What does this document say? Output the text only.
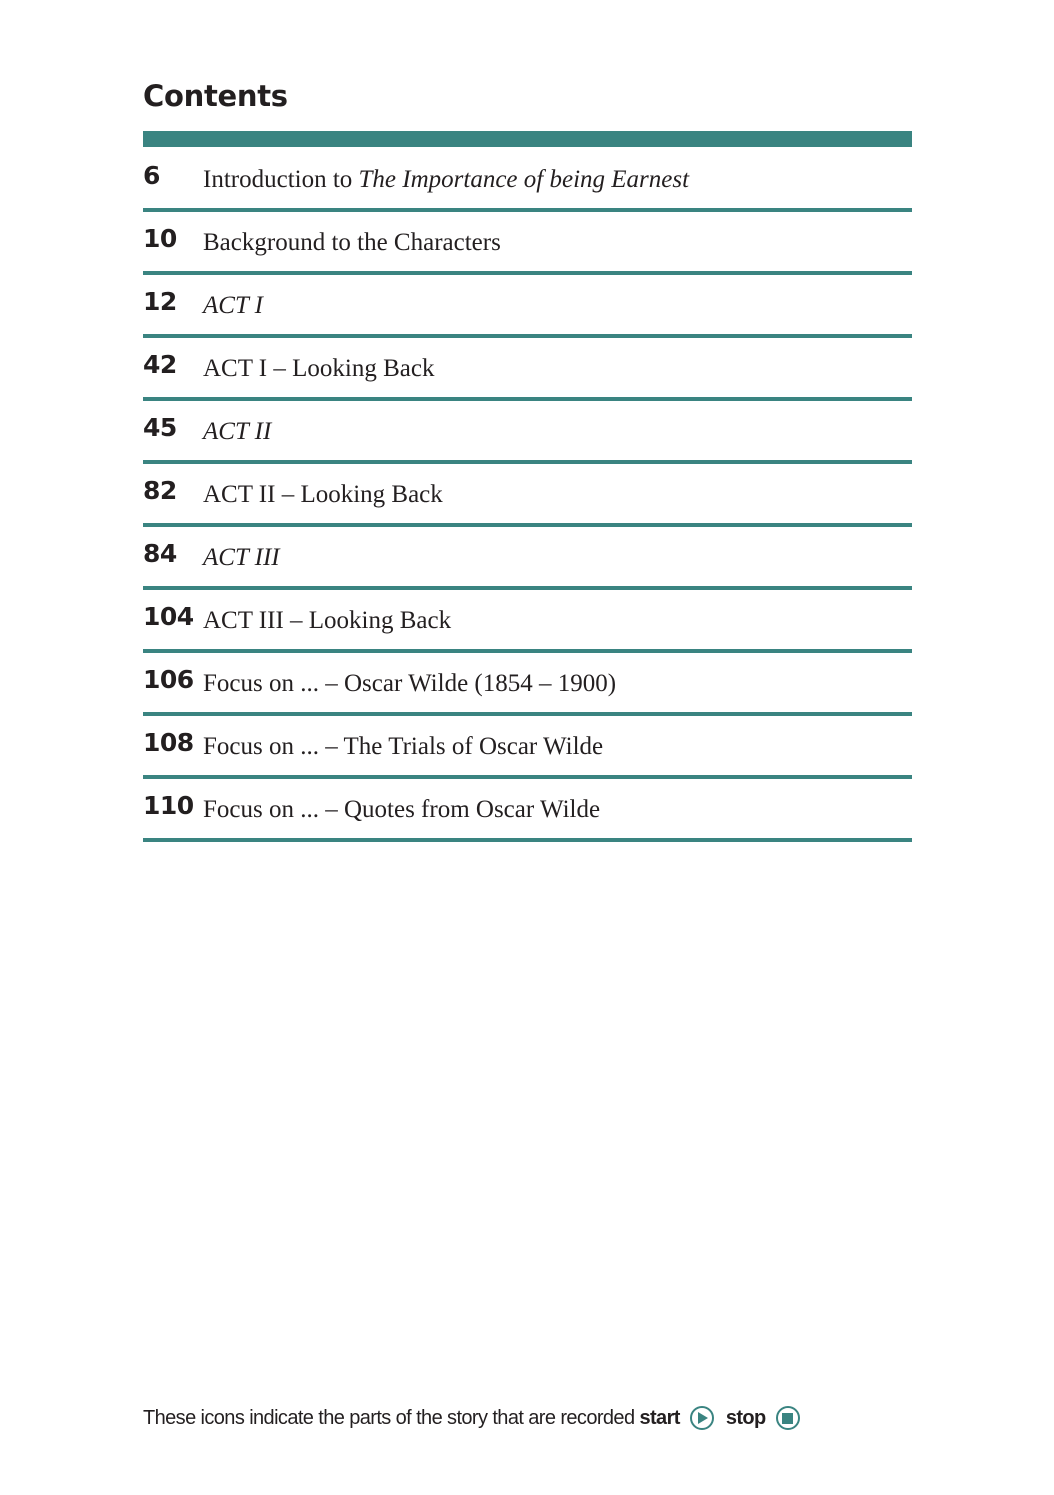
Contents
6 Introduction to The Importance of being Earnest
10 Background to the Characters
12 ACT I
42 ACT I – Looking Back
45 ACT II
82 ACT II – Looking Back
84 ACT III
104 ACT III – Looking Back
106 Focus on ... – Oscar Wilde (1854 – 1900)
108 Focus on ... – The Trials of Oscar Wilde
110 Focus on ... – Quotes from Oscar Wilde
These icons indicate the parts of the story that are recorded start stop
